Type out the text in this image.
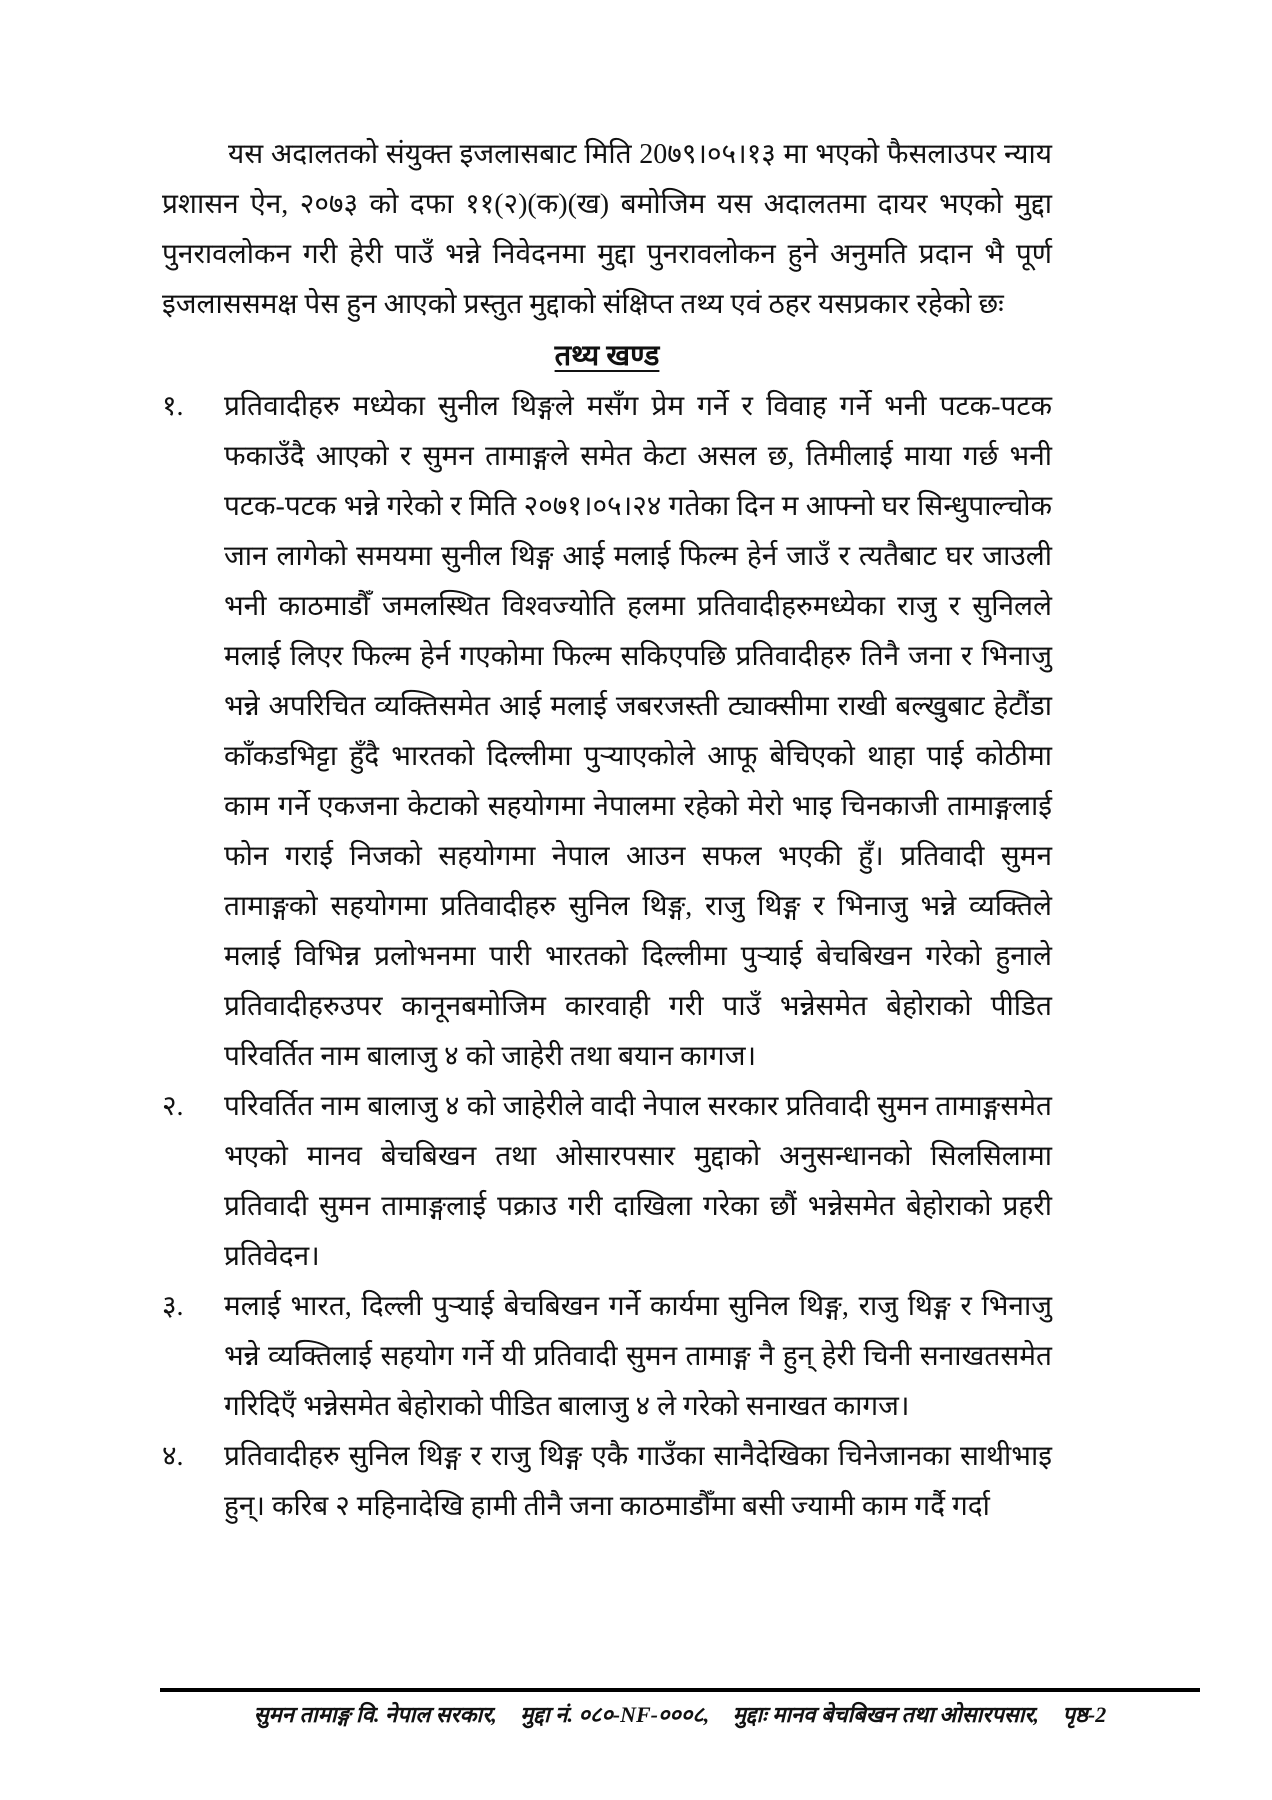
यस अदालतको संयुक्त इजलासबाट मिति 20७९।०५।१३ मा भएको फैसलाउपर न्याय प्रशासन ऐन, २०७३ को दफा ११(२)(क)(ख) बमोजिम यस अदालतमा दायर भएको मुद्दा पुनरावलोकन गरी हेरी पाउँ भन्ने निवेदनमा मुद्दा पुनरावलोकन हुने अनुमति प्रदान भै पूर्ण इजलाससमक्ष पेस हुन आएको प्रस्तुत मुद्दाको संक्षिप्त तथ्य एवं ठहर यसप्रकार रहेको छः

तथ्य खण्ड
१.	प्रतिवादीहरु मध्येका सुनील थिङ्गले मसँग प्रेम गर्ने र विवाह गर्ने भनी पटक-पटक फकाउँदै आएको र सुमन तामाङ्गले समेत केटा असल छ, तिमीलाई माया गर्छ भनी पटक-पटक भन्ने गरेको र मिति २०७१।०५।२४ गतेका दिन म आफ्नो घर सिन्धुपाल्चोक जान लागेको समयमा सुनील थिङ्ग आई मलाई फिल्म हेर्न जाउँ र त्यतैबाट घर जाउली भनी काठमाडौँ जमलस्थित विश्वज्योति हलमा प्रतिवादीहरुमध्येका राजु र सुनिलले मलाई लिएर फिल्म हेर्न गएकोमा फिल्म सकिएपछि प्रतिवादीहरु तिनै जना र भिनाजु भन्ने अपरिचित व्यक्तिसमेत आई मलाई जबरजस्ती ट्याक्सीमा राखी बल्खुबाट हेटौंडा काँकडभिट्टा हुँदै भारतको दिल्लीमा पुऱ्याएकोले आफू बेचिएको थाहा पाई कोठीमा काम गर्ने एकजना केटाको सहयोगमा नेपालमा रहेको मेरो भाइ चिनकाजी तामाङ्गलाई फोन गराई निजको सहयोगमा नेपाल आउन सफल भएकी हुँ। प्रतिवादी सुमन तामाङ्गको सहयोगमा प्रतिवादीहरु सुनिल थिङ्ग, राजु थिङ्ग र भिनाजु भन्ने व्यक्तिले मलाई विभिन्न प्रलोभनमा पारी भारतको दिल्लीमा पुऱ्याई बेचबिखन गरेको हुनाले प्रतिवादीहरुउपर कानूनबमोजिम कारवाही गरी पाउँ भन्नेसमेत बेहोराको पीडित परिवर्तित नाम बालाजु ४ को जाहेरी तथा बयान कागज।
२.	परिवर्तित नाम बालाजु ४ को जाहेरीले वादी नेपाल सरकार प्रतिवादी सुमन तामाङ्गसमेत भएको मानव बेचबिखन तथा ओसारपसार मुद्दाको अनुसन्धानको सिलसिलामा प्रतिवादी सुमन तामाङ्गलाई पक्राउ गरी दाखिला गरेका छौं भन्नेसमेत बेहोराको प्रहरी प्रतिवेदन।
३.	मलाई भारत, दिल्ली पुऱ्याई बेचबिखन गर्ने कार्यमा सुनिल थिङ्ग, राजु थिङ्ग र भिनाजु भन्ने व्यक्तिलाई सहयोग गर्ने यी प्रतिवादी सुमन तामाङ्ग नै हुन् हेरी चिनी सनाखतसमेत गरिदिएँ भन्नेसमेत बेहोराको पीडित बालाजु ४ ले गरेको सनाखत कागज।
४.	प्रतिवादीहरु सुनिल थिङ्ग र राजु थिङ्ग एकै गाउँका सानैदेखिका चिनेजानका साथीभाइ हुन्। करिब २ महिनादेखि हामी तीनै जना काठमाडौँमा बसी ज्यामी काम गर्दै गर्दा
सुमन तामाङ्ग वि. नेपाल सरकार, मुद्दा नं. ०८०-NF-०००८, मुद्दाः मानव बेचबिखन तथा ओसारपसार, पृष्ठ-2
